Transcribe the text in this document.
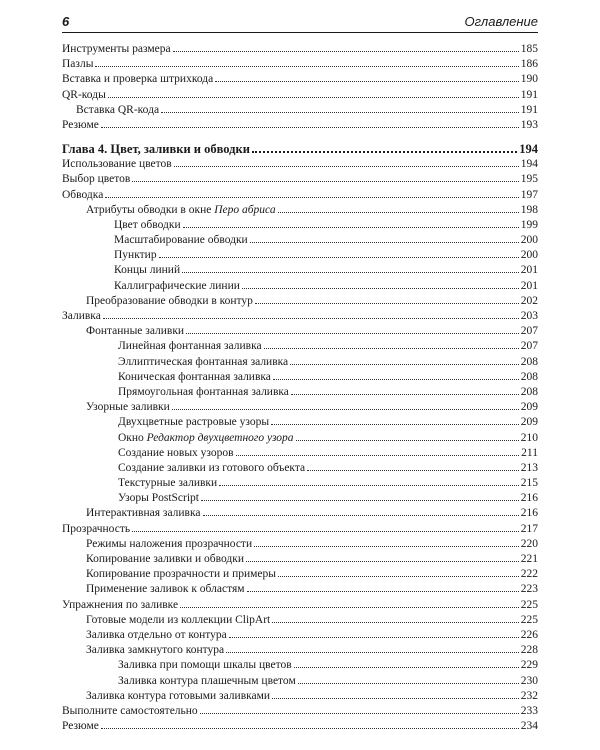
6	Оглавление
Инструменты размера	185
Пазлы	186
Вставка и проверка штрихкода	190
QR-коды	191
Вставка QR-кода	191
Резюме	193
Глава 4. Цвет, заливки и обводки	194
Использование цветов	194
Выбор цветов	195
Обводка	197
Атрибуты обводки в окне Перо абриса	198
Цвет обводки	199
Масштабирование обводки	200
Пунктир	200
Концы линий	201
Каллиграфические линии	201
Преобразование обводки в контур	202
Заливка	203
Фонтанные заливки	207
Линейная фонтанная заливка	207
Эллиптическая фонтанная заливка	208
Коническая фонтанная заливка	208
Прямоугольная фонтанная заливка	208
Узорные заливки	209
Двухцветные растровые узоры	209
Окно Редактор двухцветного узора	210
Создание новых узоров	211
Создание заливки из готового объекта	213
Текстурные заливки	215
Узоры PostScript	216
Интерактивная заливка	216
Прозрачность	217
Режимы наложения прозрачности	220
Копирование заливки и обводки	221
Копирование прозрачности и примеры	222
Применение заливок к областям	223
Упражнения по заливке	225
Готовые модели из коллекции ClipArt	225
Заливка отдельно от контура	226
Заливка замкнутого контура	228
Заливка при помощи шкалы цветов	229
Заливка контура плашечным цветом	230
Заливка контура готовыми заливками	232
Выполните самостоятельно	233
Резюме	234
